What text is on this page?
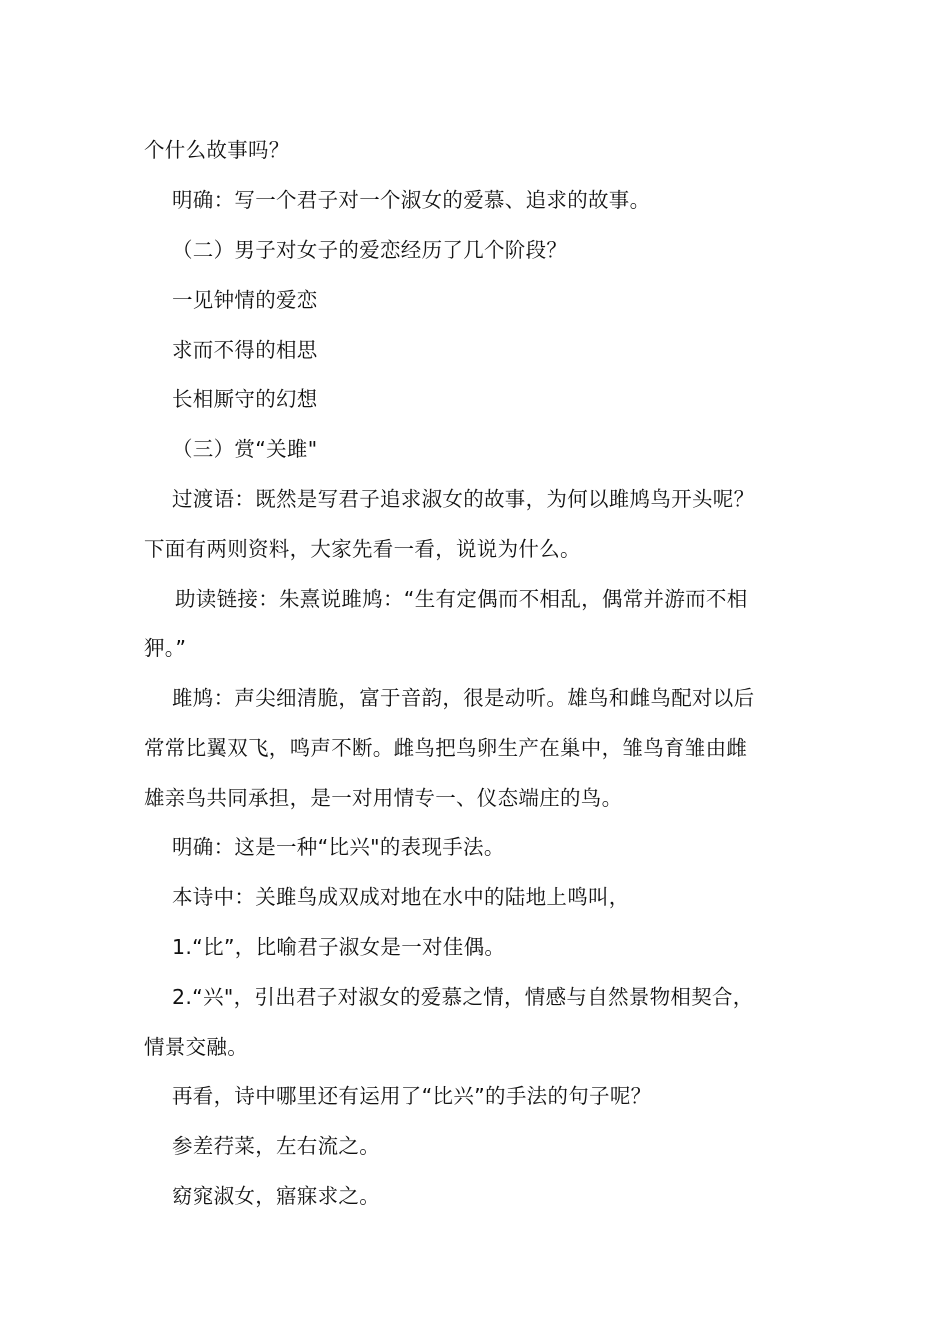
个什么故事吗？
明确：写一个君子对一个淑女的爱慕、追求的故事。
（二）男子对女子的爱恋经历了几个阶段？
一见钟情的爱恋
求而不得的相思
长相厮守的幻想
（三）赏“关雎"
过渡语：既然是写君子追求淑女的故事，为何以雎鸠鸟开头呢？
下面有两则资料，大家先看一看，说说为什么。
助读链接：朱熹说雎鸠：“生有定偶而不相乱，偶常并游而不相
狎。”
雎鸠：声尖细清脆，富于音韵，很是动听。雄鸟和雌鸟配对以后
常常比翼双飞，鸣声不断。雌鸟把鸟卵生产在巢中，雏鸟育雏由雌
雄亲鸟共同承担，是一对用情专一、仪态端庄的鸟。
明确：这是一种“比兴"的表现手法。
本诗中：关雎鸟成双成对地在水中的陆地上鸣叫，
1.“比”，比喻君子淑女是一对佳偶。
2.“兴"，引出君子对淑女的爱慕之情，情感与自然景物相契合，
情景交融。
再看，诗中哪里还有运用了“比兴”的手法的句子呢？
参差荇菜，左右流之。
窈窕淑女，寤寐求之。
